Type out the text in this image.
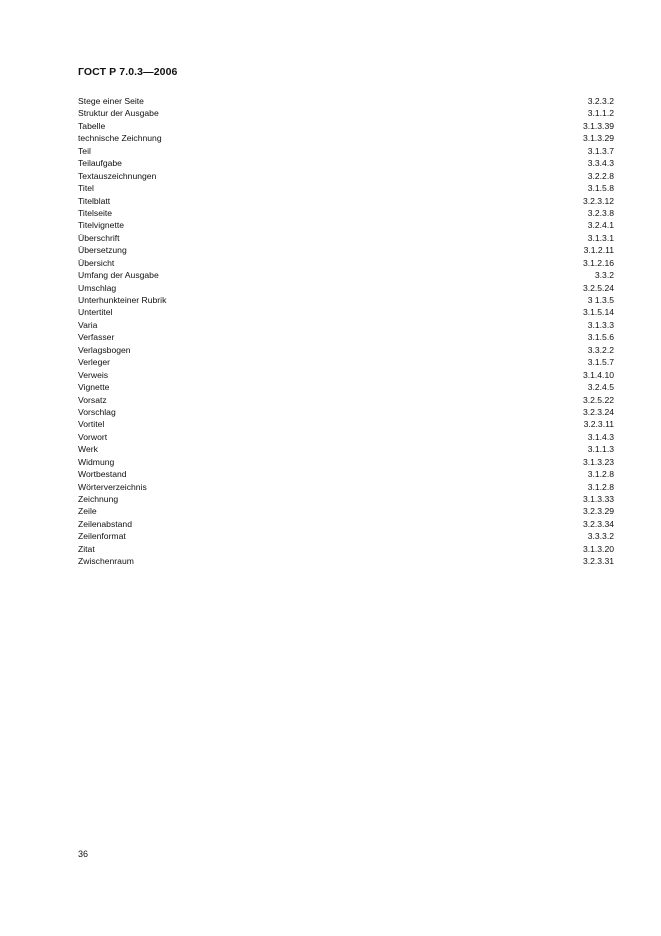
ГОСТ Р 7.0.3—2006
Stege einer Seite	3.2.3.2
Struktur der Ausgabe	3.1.1.2
Tabelle	3.1.3.39
technische Zeichnung	3.1.3.29
Teil	3.1.3.7
Teilaufgabe	3.3.4.3
Textauszeichnungen	3.2.2.8
Titel	3.1.5.8
Titelblatt	3.2.3.12
Titelseite	3.2.3.8
Titelvignette	3.2.4.1
Überschrift	3.1.3.1
Übersetzung	3.1.2.11
Übersicht	3.1.2.16
Umfang der Ausgabe	3.3.2
Umschlag	3.2.5.24
Unterhunkteiner Rubrik	3 1.3.5
Untertitel	3.1.5.14
Varia	3.1.3.3
Verfasser	3.1.5.6
Verlagsbogen	3.3.2.2
Verleger	3.1.5.7
Verweis	3.1.4.10
Vignette	3.2.4.5
Vorsatz	3.2.5.22
Vorschlag	3.2.3.24
Vortitel	3.2.3.11
Vorwort	3.1.4.3
Werk	3.1.1.3
Widmung	3.1.3.23
Wortbestand	3.1.2.8
Wörterverzeichnis	3.1.2.8
Zeichnung	3.1.3.33
Zeile	3.2.3.29
Zeilenabstand	3.2.3.34
Zeilenformat	3.3.3.2
Zitat	3.1.3.20
Zwischenraum	3.2.3.31
36
